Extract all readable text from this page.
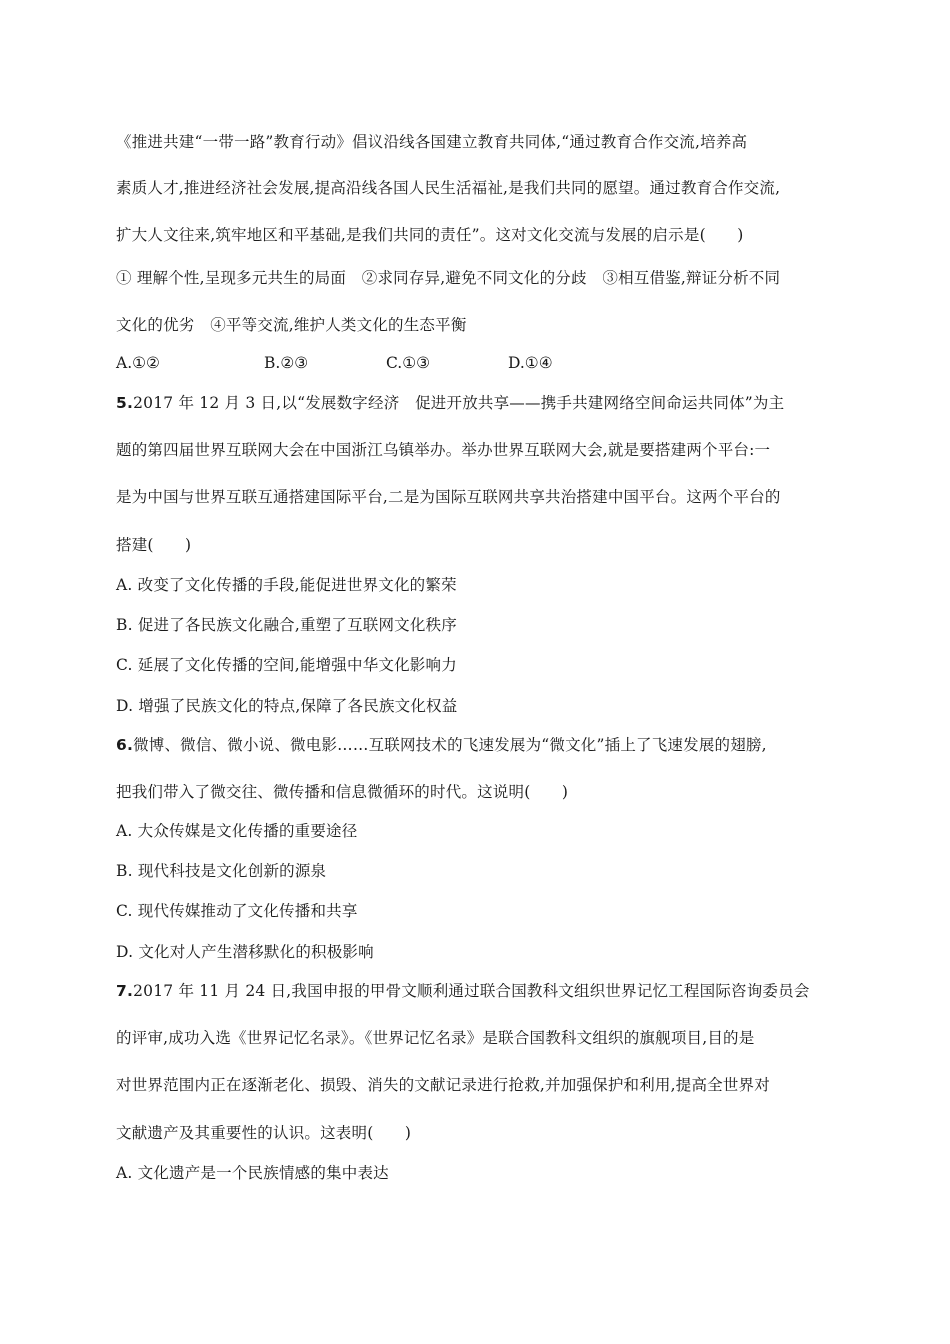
《推进共建“一带一路”教育行动》倡议沿线各国建立教育共同体,“通过教育合作交流,培养高
素质人才,推进经济社会发展,提高沿线各国人民生活福祉,是我们共同的愿望。通过教育合作交流,
扩大人文往来,筑牢地区和平基础,是我们共同的责任”。这对文化交流与发展的启示是(　　)
① 理解个性,呈现多元共生的局面　②求同存异,避免不同文化的分歧　③相互借鉴,辩证分析不同
文化的优劣　④平等交流,维护人类文化的生态平衡
A.①②	B.②③	C.①③	D.①④
5.2017 年 12 月 3 日,以“发展数字经济　促进开放共享——携手共建网络空间命运共同体”为主
题的第四届世界互联网大会在中国浙江乌镇举办。举办世界互联网大会,就是要搭建两个平台:一
是为中国与世界互联互通搭建国际平台,二是为国际互联网共享共治搭建中国平台。这两个平台的
搭建(　　)
A. 改变了文化传播的手段,能促进世界文化的繁荣
B. 促进了各民族文化融合,重塑了互联网文化秩序
C. 延展了文化传播的空间,能增强中华文化影响力
D. 增强了民族文化的特点,保障了各民族文化权益
6.微博、微信、微小说、微电影……互联网技术的飞速发展为“微文化”插上了飞速发展的翅膀,
把我们带入了微交往、微传播和信息微循环的时代。这说明(　　)
A. 大众传媒是文化传播的重要途径
B. 现代科技是文化创新的源泉
C. 现代传媒推动了文化传播和共享
D. 文化对人产生潜移默化的积极影响
7.2017 年 11 月 24 日,我国申报的甲骨文顺利通过联合国教科文组织世界记忆工程国际咨询委员会
的评审,成功入选《世界记忆名录》。《世界记忆名录》是联合国教科文组织的旗舰项目,目的是
对世界范围内正在逐渐老化、损毁、消失的文献记录进行抢救,并加强保护和利用,提高全世界对
文献遗产及其重要性的认识。这表明(　　)
A. 文化遗产是一个民族情感的集中表达
